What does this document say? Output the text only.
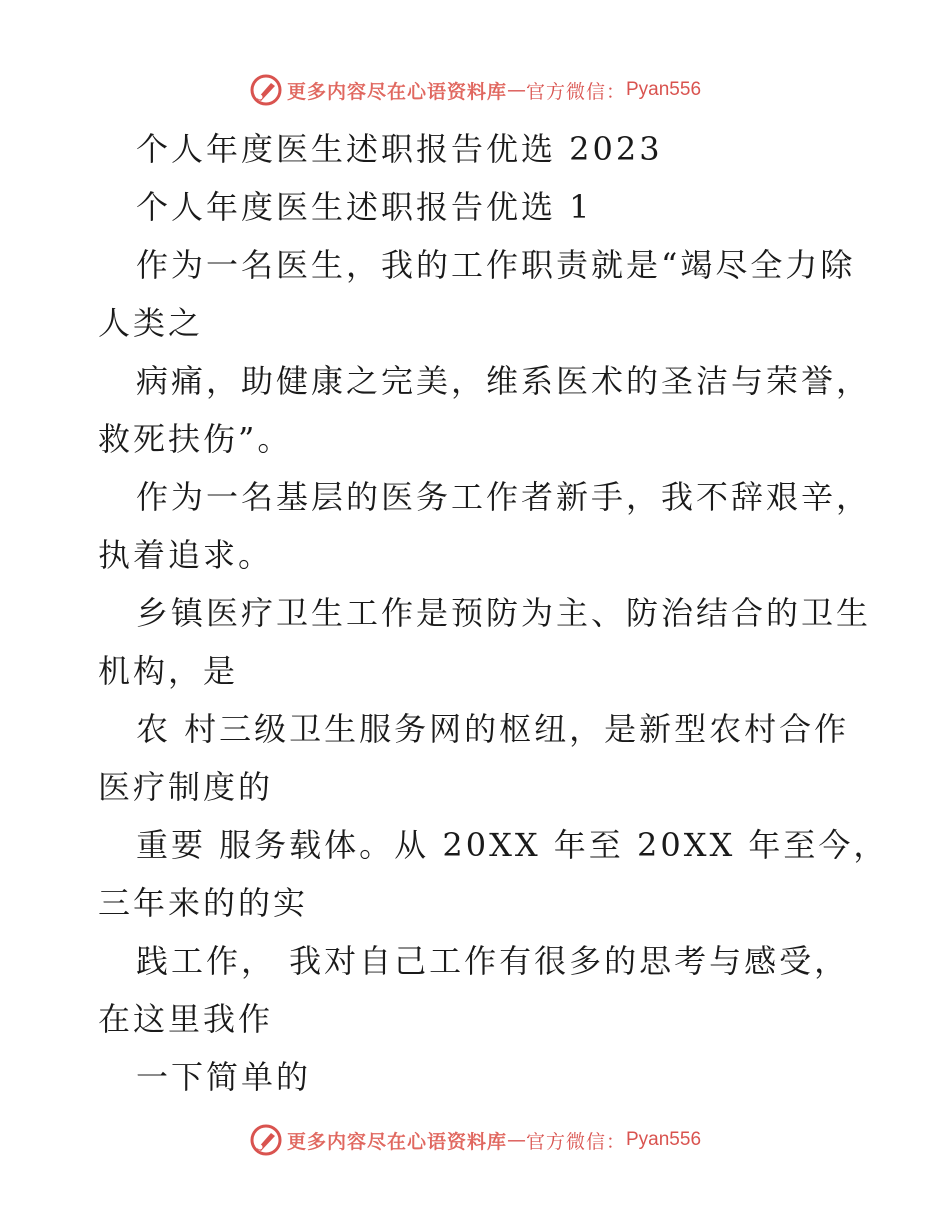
更多内容尽在心语资料库 — 官方微信： Pyan556
个人年度医生述职报告优选 2023
个人年度医生述职报告优选 1
作为一名医生，我的工作职责就是“竭尽全力除
人类之
病痛，助健康之完美，维系医术的圣洁与荣誉，
救死扶伤”。
作为一名基层的医务工作者新手，我不辞艰辛，
执着追求。
乡镇医疗卫生工作是预防为主、防治结合的卫生
机构，是
农 村三级卫生服务网的枢纽，是新型农村合作
医疗制度的
重要 服务载体。从 20XX 年至 20XX 年至今，
三年来的的实
践工作， 我对自己工作有很多的思考与感受，
在这里我作
一下简单的
更多内容尽在心语资料库 — 官方微信： Pyan556
